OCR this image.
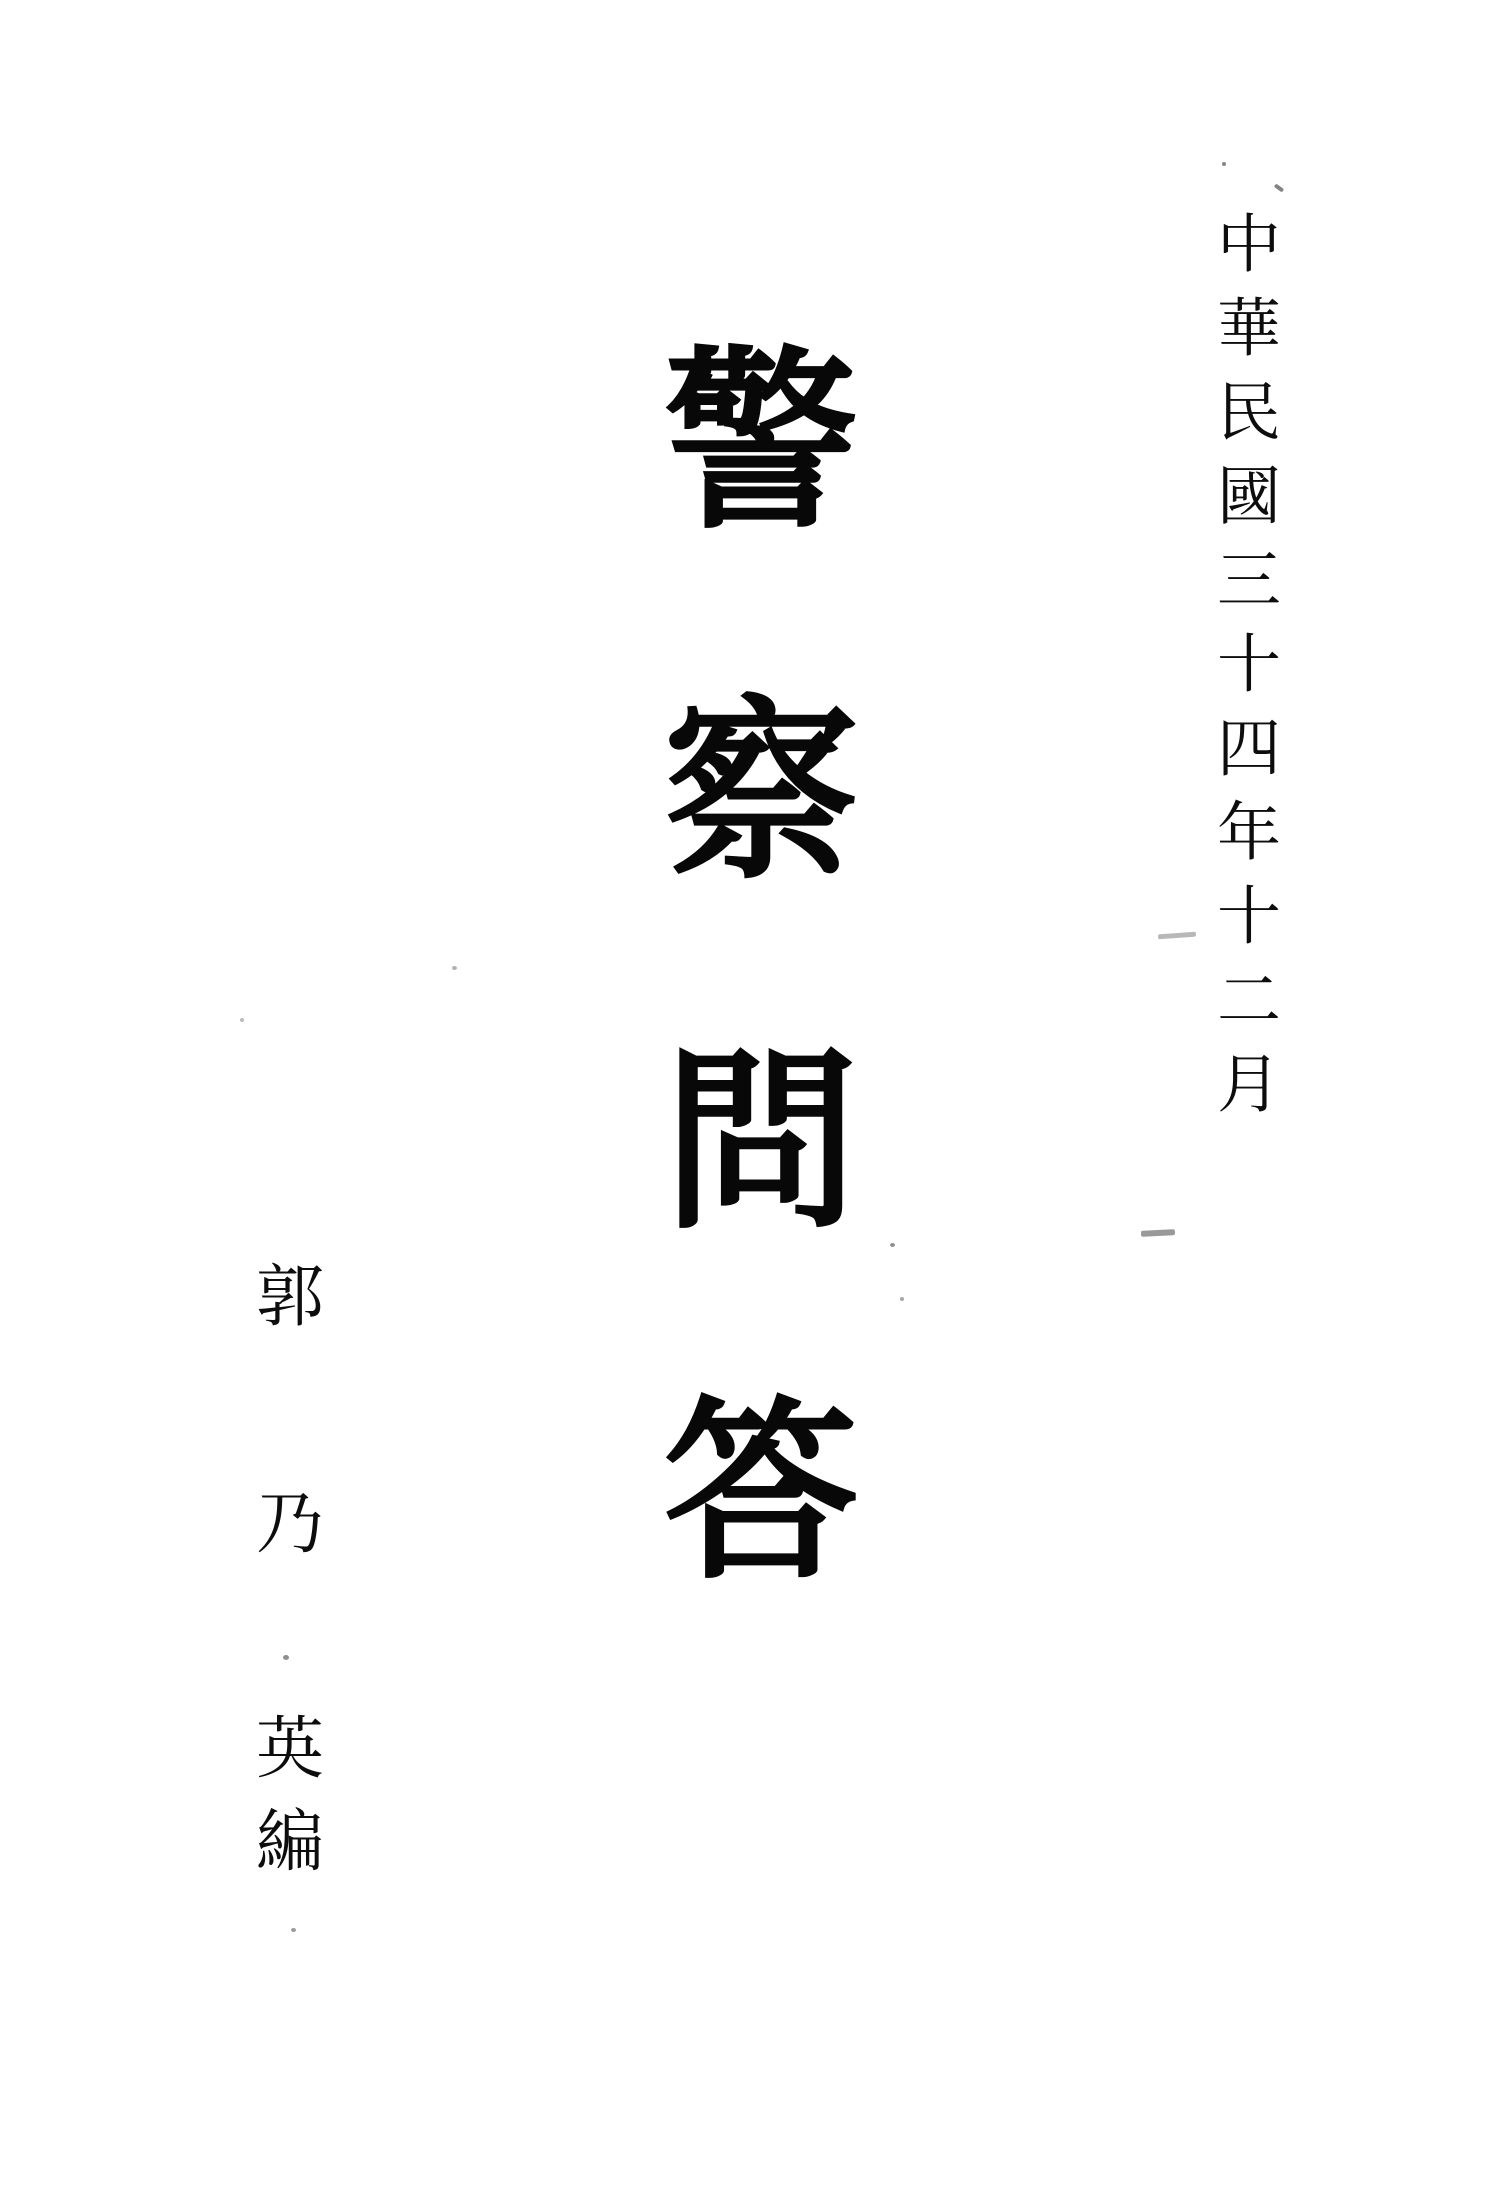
中華民國三十四年十二月
警察問答
郭
乃
英
編
